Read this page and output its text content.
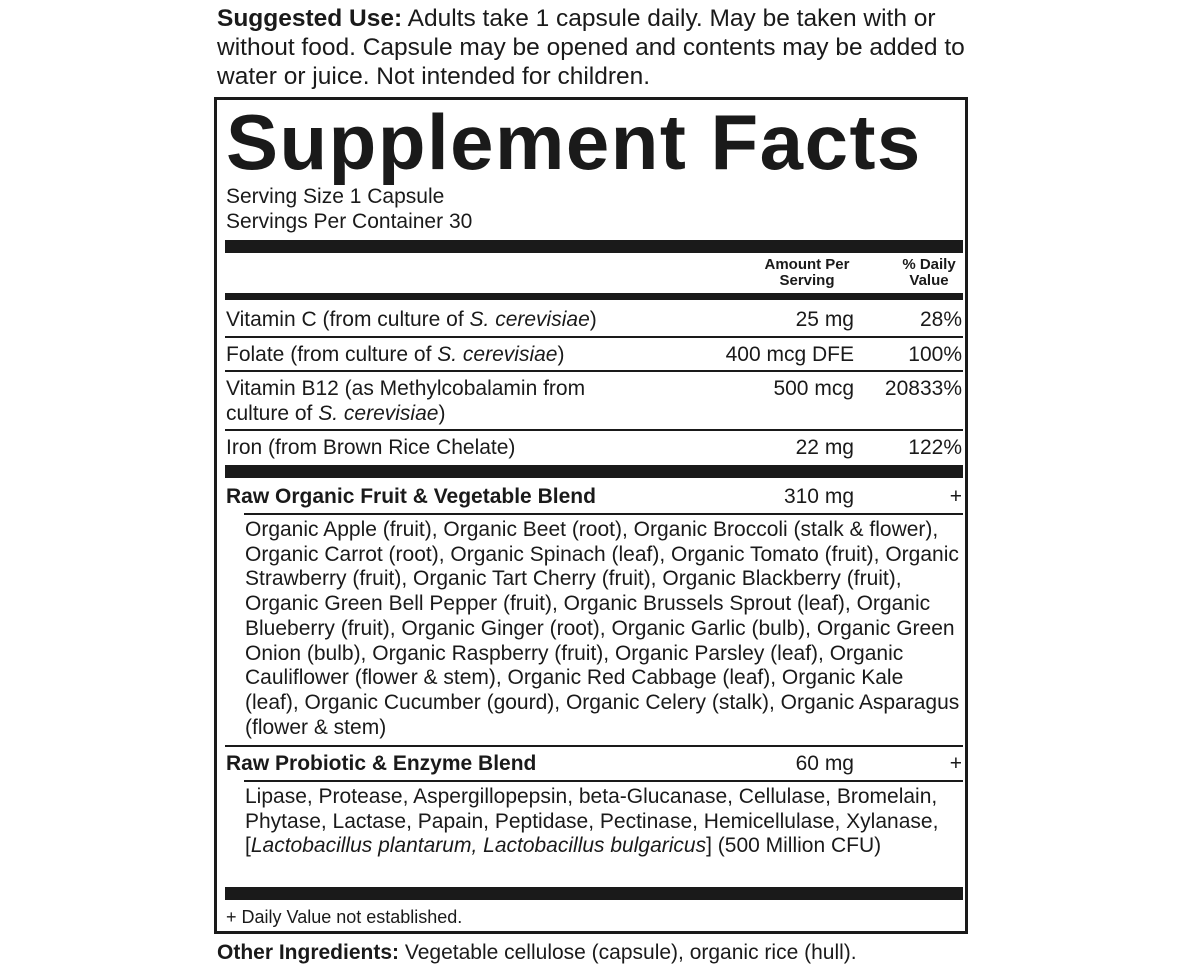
Suggested Use: Adults take 1 capsule daily. May be taken with or without food. Capsule may be opened and contents may be added to water or juice. Not intended for children.
Supplement Facts
Serving Size 1 Capsule
Servings Per Container 30
Amount Per
Serving
% Daily
Value
Vitamin C (from culture of S. cerevisiae)	25 mg	28%
Folate (from culture of S. cerevisiae)	400 mcg DFE	100%
Vitamin B12 (as Methylcobalamin from culture of S. cerevisiae)
500 mcg 20833%
Iron (from Brown Rice Chelate)	22 mg	122%
Raw Organic Fruit & Vegetable Blend	310 mg	+
Organic Apple (fruit), Organic Beet (root), Organic Broccoli (stalk & flower), Organic Carrot (root), Organic Spinach (leaf), Organic Tomato (fruit), Organic Strawberry (fruit), Organic Tart Cherry (fruit), Organic Blackberry (fruit), Organic Green Bell Pepper (fruit), Organic Brussels Sprout (leaf), Organic Blueberry (fruit), Organic Ginger (root), Organic Garlic (bulb), Organic Green Onion (bulb), Organic Raspberry (fruit), Organic Parsley (leaf), Organic Cauliflower (flower & stem), Organic Red Cabbage (leaf), Organic Kale (leaf), Organic Cucumber (gourd), Organic Celery (stalk), Organic Asparagus (flower & stem)
Raw Probiotic & Enzyme Blend	60 mg	+
Lipase, Protease, Aspergillopepsin, beta-Glucanase, Cellulase, Bromelain, Phytase, Lactase, Papain, Peptidase, Pectinase, Hemicellulase, Xylanase, [Lactobacillus plantarum, Lactobacillus bulgaricus] (500 Million CFU)
+ Daily Value not established.
Other Ingredients: Vegetable cellulose (capsule), organic rice (hull).
